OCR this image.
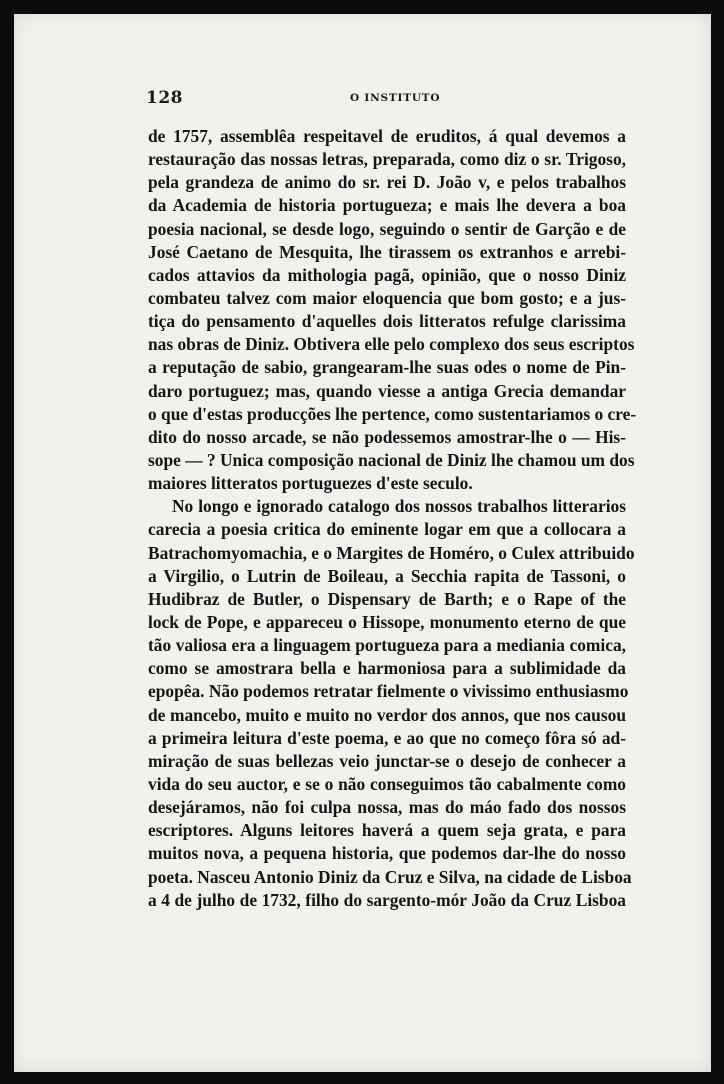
128	O INSTITUTO
de 1757, assemblêa respeitavel de eruditos, á qual devemos a
restauração das nossas letras, preparada, como diz o sr. Trigoso,
pela grandeza de animo do sr. rei D. João v, e pelos trabalhos
da Academia de historia portugueza; e mais lhe devera a boa
poesia nacional, se desde logo, seguindo o sentir de Garção e de
José Caetano de Mesquita, lhe tirassem os extranhos e arrebi-
cados attavios da mithologia pagã, opinião, que o nosso Diniz
combateu talvez com maior eloquencia que bom gosto; e a jus-
tiça do pensamento d'aquelles dois litteratos refulge clarissima
nas obras de Diniz. Obtivera elle pelo complexo dos seus escriptos
a reputação de sabio, grangearam-lhe suas odes o nome de Pin-
daro portuguez; mas, quando viesse a antiga Grecia demandar
o que d'estas producções lhe pertence, como sustentariamos o cre-
dito do nosso arcade, se não podessemos amostrar-lhe o — His-
sope — ? Unica composição nacional de Diniz lhe chamou um dos
maiores litteratos portuguezes d'este seculo.
No longo e ignorado catalogo dos nossos trabalhos litterarios
carecia a poesia critica do eminente logar em que a collocara a
Batrachomyomachia, e o Margites de Homéro, o Culex attribuido
a Virgilio, o Lutrin de Boileau, a Secchia rapita de Tassoni, o
Hudibraz de Butler, o Dispensary de Barth; e o Rape of the
lock de Pope, e appareceu o Hissope, monumento eterno de que
tão valiosa era a linguagem portugueza para a mediania comica,
como se amostrara bella e harmoniosa para a sublimidade da
epopêa. Não podemos retratar fielmente o vivissimo enthusiasmo
de mancebo, muito e muito no verdor dos annos, que nos causou
a primeira leitura d'este poema, e ao que no começo fôra só ad-
miração de suas bellezas veio junctar-se o desejo de conhecer a
vida do seu auctor, e se o não conseguimos tão cabalmente como
desejáramos, não foi culpa nossa, mas do máo fado dos nossos
escriptores. Alguns leitores haverá a quem seja grata, e para
muitos nova, a pequena historia, que podemos dar-lhe do nosso
poeta. Nasceu Antonio Diniz da Cruz e Silva, na cidade de Lisboa
a 4 de julho de 1732, filho do sargento-mór João da Cruz Lisboa
